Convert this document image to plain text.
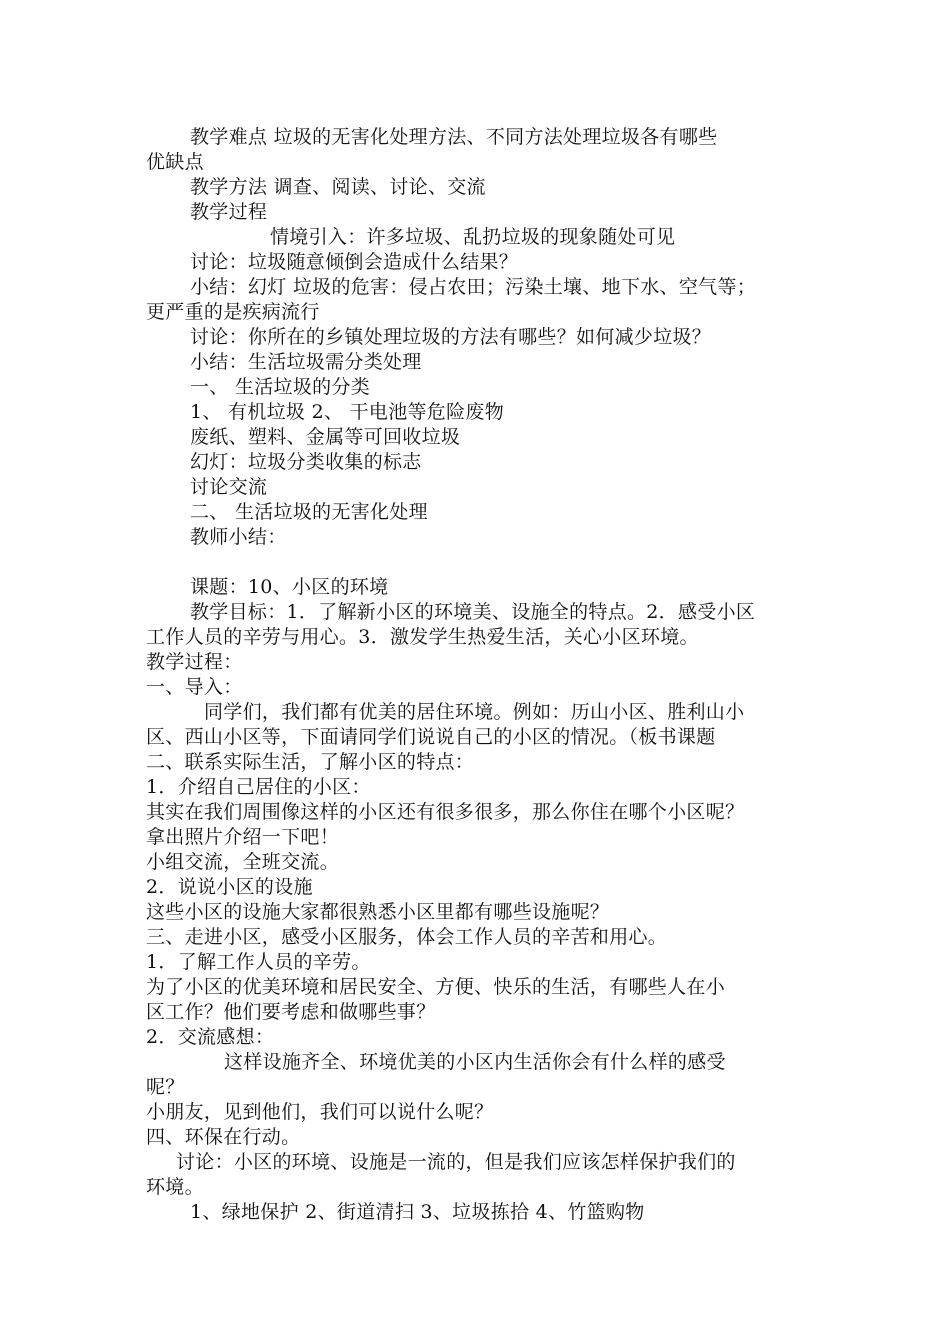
教学难点 垃圾的无害化处理方法、不同方法处理垃圾各有哪些
优缺点
教学方法 调查、阅读、讨论、交流
教学过程
情境引入：许多垃圾、乱扔垃圾的现象随处可见
讨论：垃圾随意倾倒会造成什么结果？
小结：幻灯 垃圾的危害：侵占农田；污染土壤、地下水、空气等；
更严重的是疾病流行
讨论：你所在的乡镇处理垃圾的方法有哪些？如何减少垃圾？
小结：生活垃圾需分类处理
一、 生活垃圾的分类
1、 有机垃圾 2、 干电池等危险废物
废纸、塑料、金属等可回收垃圾
幻灯：垃圾分类收集的标志
讨论交流
二、 生活垃圾的无害化处理
教师小结：
课题：10、小区的环境
教学目标：1．了解新小区的环境美、设施全的特点。2．感受小区
工作人员的辛劳与用心。3．激发学生热爱生活，关心小区环境。
教学过程：
一、导入：
同学们，我们都有优美的居住环境。例如：历山小区、胜利山小
区、西山小区等，下面请同学们说说自己的小区的情况。（板书课题
二、联系实际生活，了解小区的特点：
1．介绍自己居住的小区：
其实在我们周围像这样的小区还有很多很多，那么你住在哪个小区呢？
拿出照片介绍一下吧！
小组交流，全班交流。
2．说说小区的设施
这些小区的设施大家都很熟悉小区里都有哪些设施呢？
三、走进小区，感受小区服务，体会工作人员的辛苦和用心。
1．了解工作人员的辛劳。
为了小区的优美环境和居民安全、方便、快乐的生活，有哪些人在小
区工作？他们要考虑和做哪些事？
2．交流感想：
这样设施齐全、环境优美的小区内生活你会有什么样的感受
呢？
小朋友，见到他们，我们可以说什么呢？
四、环保在行动。
讨论：小区的环境、设施是一流的，但是我们应该怎样保护我们的
环境。
1、绿地保护 2、街道清扫 3、垃圾拣拾 4、竹篮购物
